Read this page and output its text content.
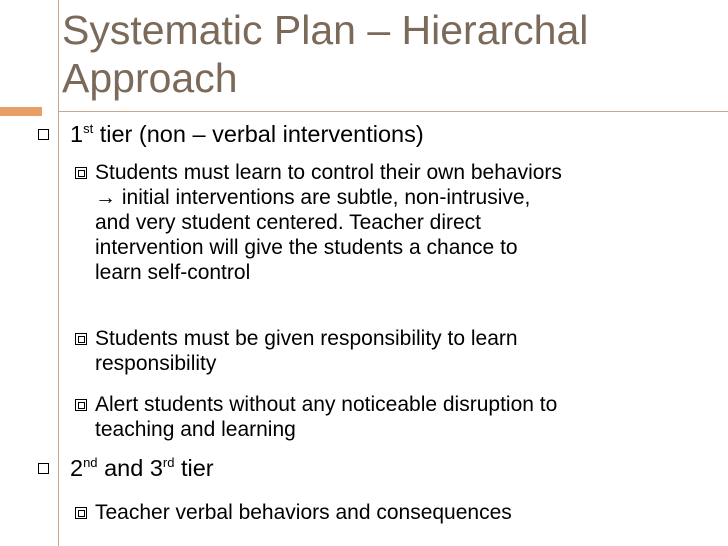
Systematic Plan – Hierarchal
Approach
1st tier (non – verbal interventions)
Students must learn to control their own behaviors
→ initial interventions are subtle, non-intrusive,
and very student centered. Teacher direct
intervention will give the students a chance to
learn self-control
Students must be given responsibility to learn
responsibility
Alert students without any noticeable disruption to
teaching and learning
2nd and 3rd tier
Teacher verbal behaviors and consequences
